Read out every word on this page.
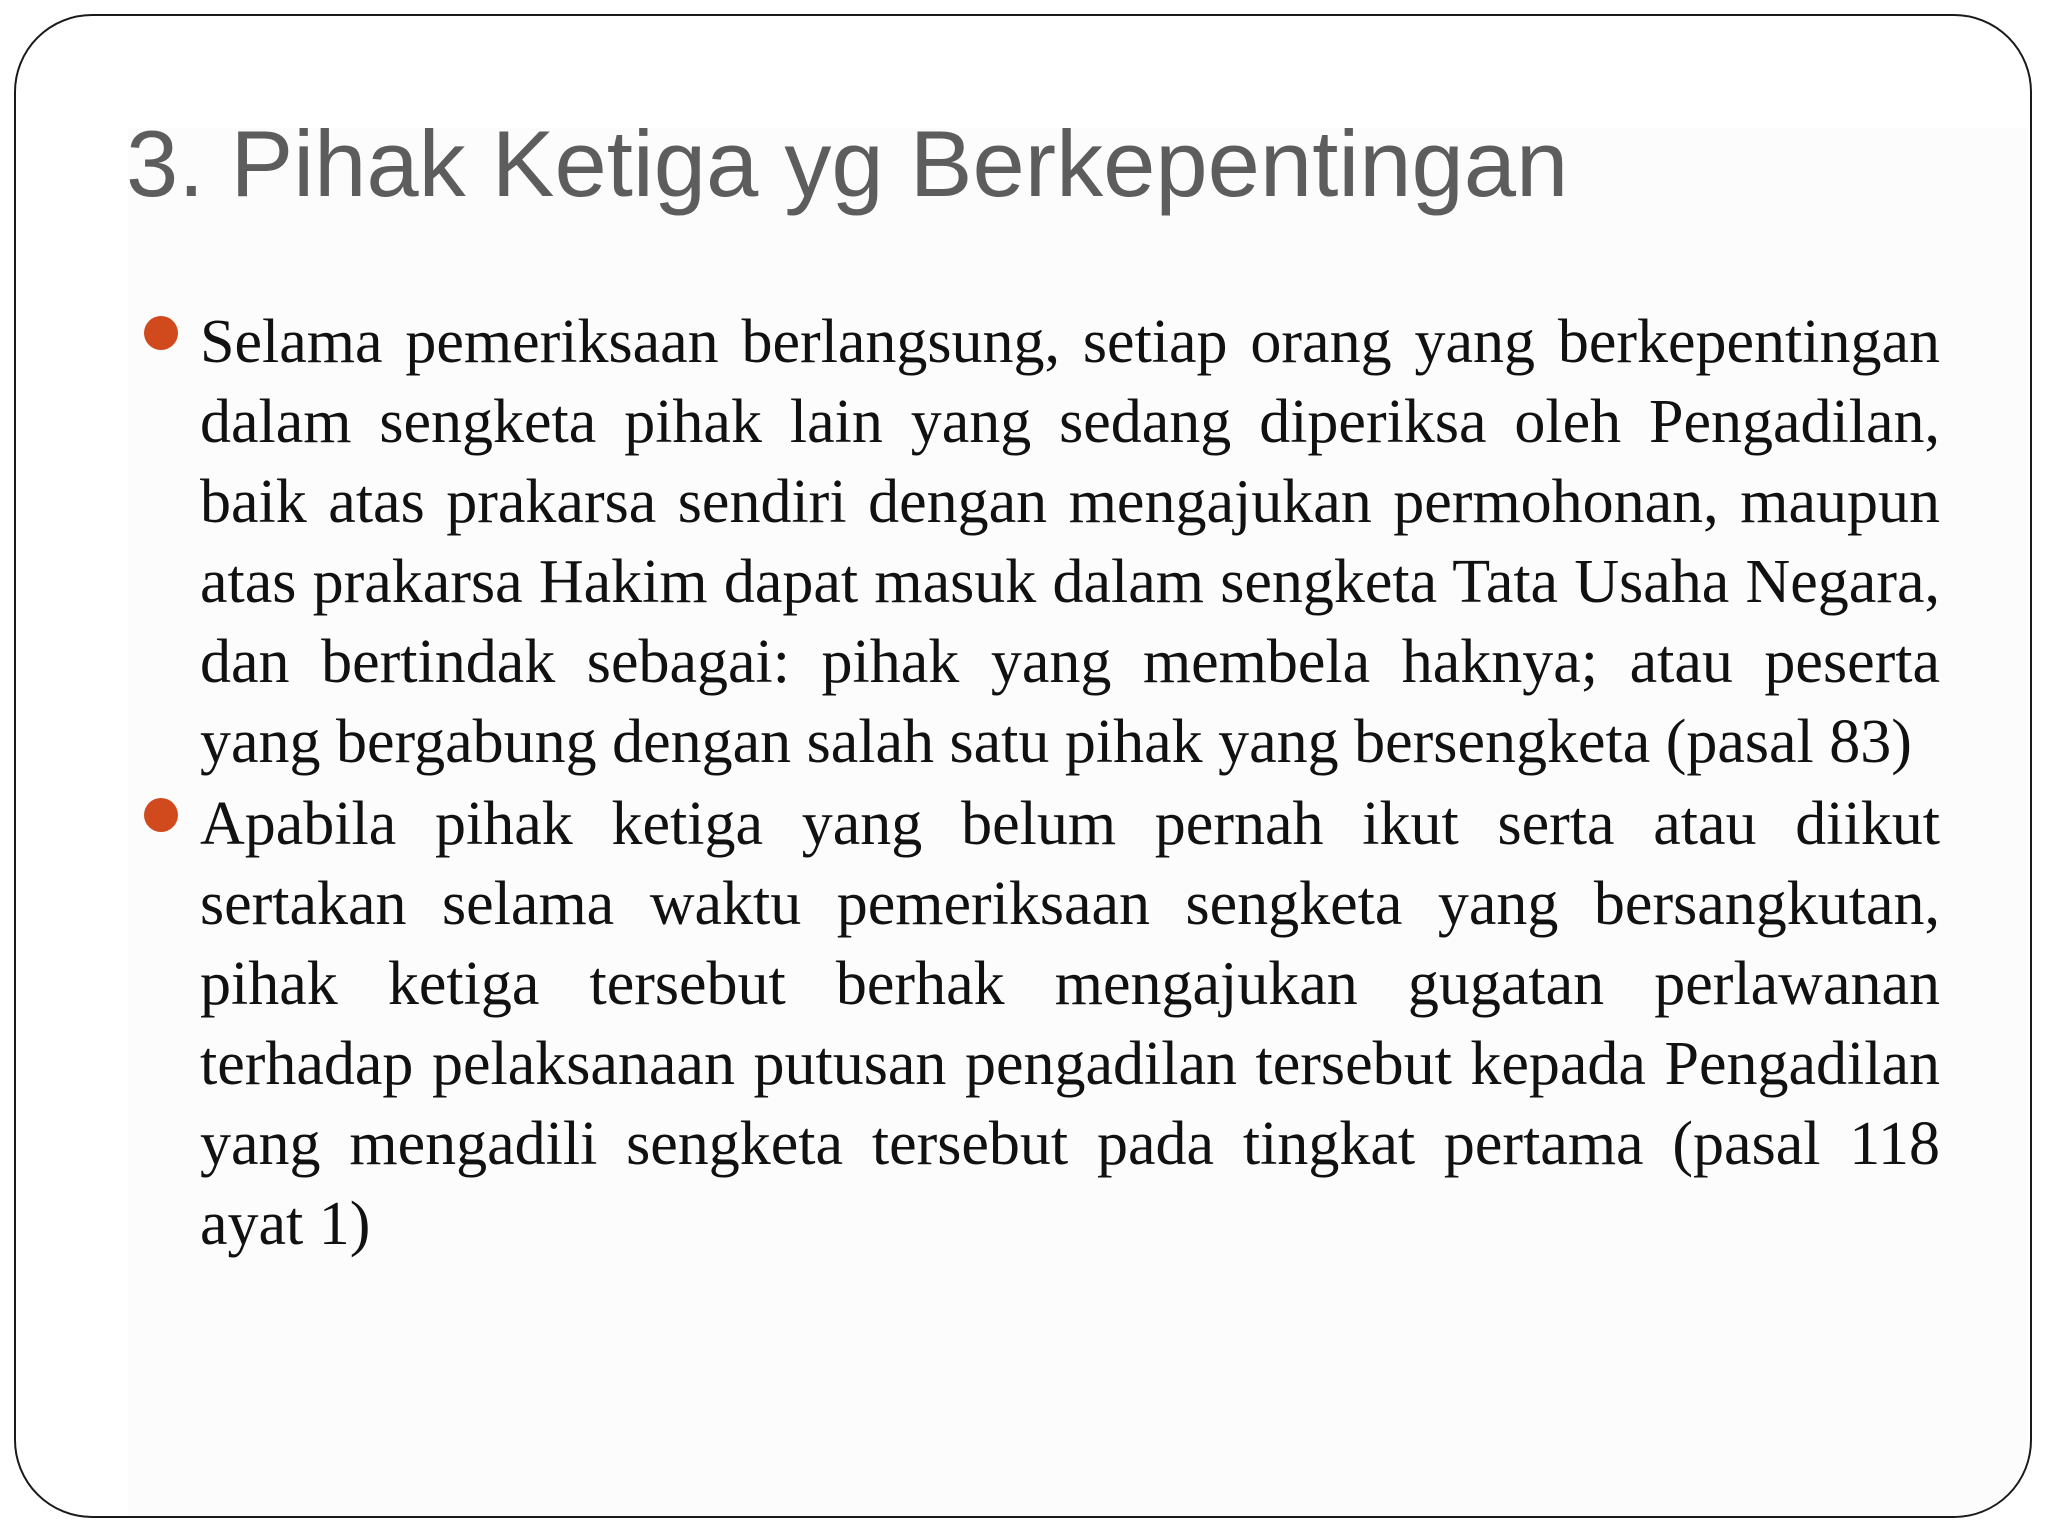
3. Pihak Ketiga yg Berkepentingan
Selama pemeriksaan berlangsung, setiap orang yang berkepentingan dalam sengketa pihak lain yang sedang diperiksa oleh Pengadilan, baik atas prakarsa sendiri dengan mengajukan permohonan, maupun atas prakarsa Hakim dapat masuk dalam sengketa Tata Usaha Negara, dan bertindak sebagai: pihak yang membela haknya; atau peserta yang bergabung dengan salah satu pihak yang bersengketa (pasal 83)
Apabila pihak ketiga yang belum pernah ikut serta atau diikut sertakan selama waktu pemeriksaan sengketa yang bersangkutan, pihak ketiga tersebut berhak mengajukan gugatan perlawanan terhadap pelaksanaan putusan pengadilan tersebut kepada Pengadilan yang mengadili sengketa tersebut pada tingkat pertama (pasal 118 ayat 1)
